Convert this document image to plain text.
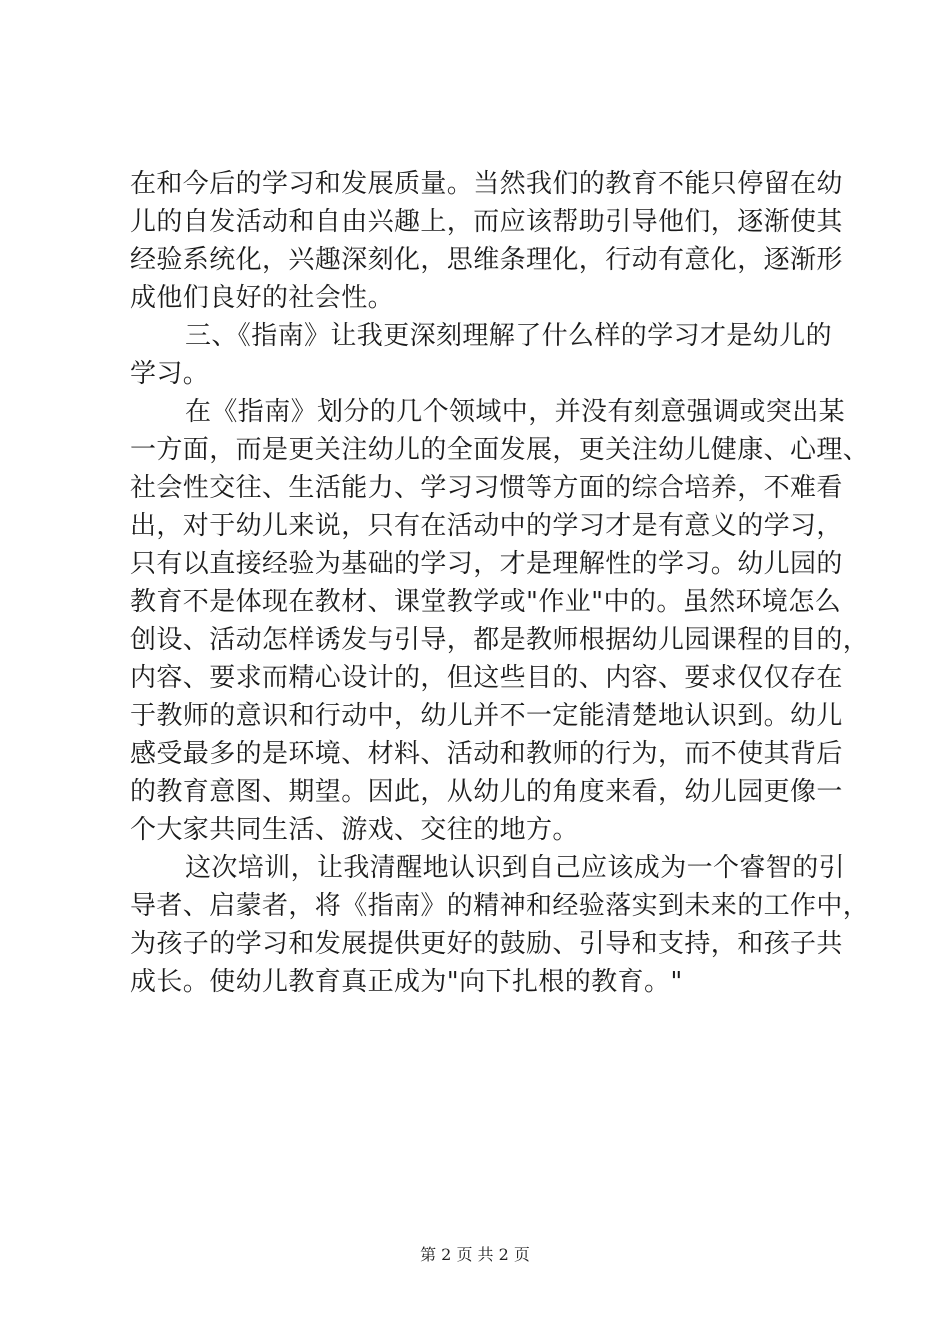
在和今后的学习和发展质量。当然我们的教育不能只停留在幼
儿的自发活动和自由兴趣上，而应该帮助引导他们，逐渐使其
经验系统化，兴趣深刻化，思维条理化，行动有意化，逐渐形
成他们良好的社会性。
三、《指南》让我更深刻理解了什么样的学习才是幼儿的
学习。
在《指南》划分的几个领域中，并没有刻意强调或突出某
一方面，而是更关注幼儿的全面发展，更关注幼儿健康、心理、
社会性交往、生活能力、学习习惯等方面的综合培养，不难看
出，对于幼儿来说，只有在活动中的学习才是有意义的学习，
只有以直接经验为基础的学习，才是理解性的学习。幼儿园的
教育不是体现在教材、课堂教学或"作业"中的。虽然环境怎么
创设、活动怎样诱发与引导，都是教师根据幼儿园课程的目的，
内容、要求而精心设计的，但这些目的、内容、要求仅仅存在
于教师的意识和行动中，幼儿并不一定能清楚地认识到。幼儿
感受最多的是环境、材料、活动和教师的行为，而不使其背后
的教育意图、期望。因此，从幼儿的角度来看，幼儿园更像一
个大家共同生活、游戏、交往的地方。
这次培训，让我清醒地认识到自己应该成为一个睿智的引
导者、启蒙者，将《指南》的精神和经验落实到未来的工作中，
为孩子的学习和发展提供更好的鼓励、引导和支持，和孩子共
成长。使幼儿教育真正成为"向下扎根的教育。"
第 2 页 共 2 页
